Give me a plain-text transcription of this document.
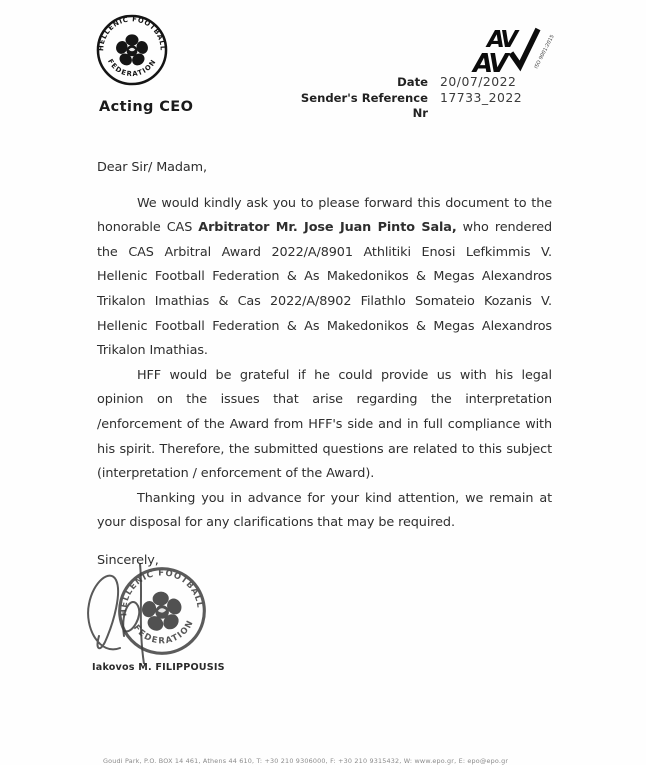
HELLENIC FOOTBALL
FEDERATION
Acting CEO
AV
AV	ISO 9001:2015
Date 20/07/2022
Sender's Reference Nr
17733_2022

Dear Sir/ Madam,

We would kindly ask you to please forward this document to the honorable CAS Arbitrator Mr. Jose Juan Pinto Sala, who rendered the CAS Arbitral Award 2022/A/8901 Athlitiki Enosi Lefkimmis V. Hellenic Football Federation & As Makedonikos & Megas Alexandros Trikalon Imathias & Cas 2022/A/8902 Filathlo Somateio Kozanis V. Hellenic Football Federation & As Makedonikos & Megas Alexandros Trikalon Imathias.

HFF would be grateful if he could provide us with his legal opinion on the issues that arise regarding the interpretation /enforcement of the Award from HFF's side and in full compliance with his spirit. Therefore, the submitted questions are related to this subject (interpretation / enforcement of the Award).

Thanking you in advance for your kind attention, we remain at your disposal for any clarifications that may be required.

Sincerely,

HELLENIC FOOTBALL
FEDERATION
Iakovos M. FILIPPOUSIS
Goudi Park, P.O. BOX 14 461, Athens 44 610, T: +30 210 9306000, F: +30 210 9315432, W: www.epo.gr, E: epo@epo.gr
